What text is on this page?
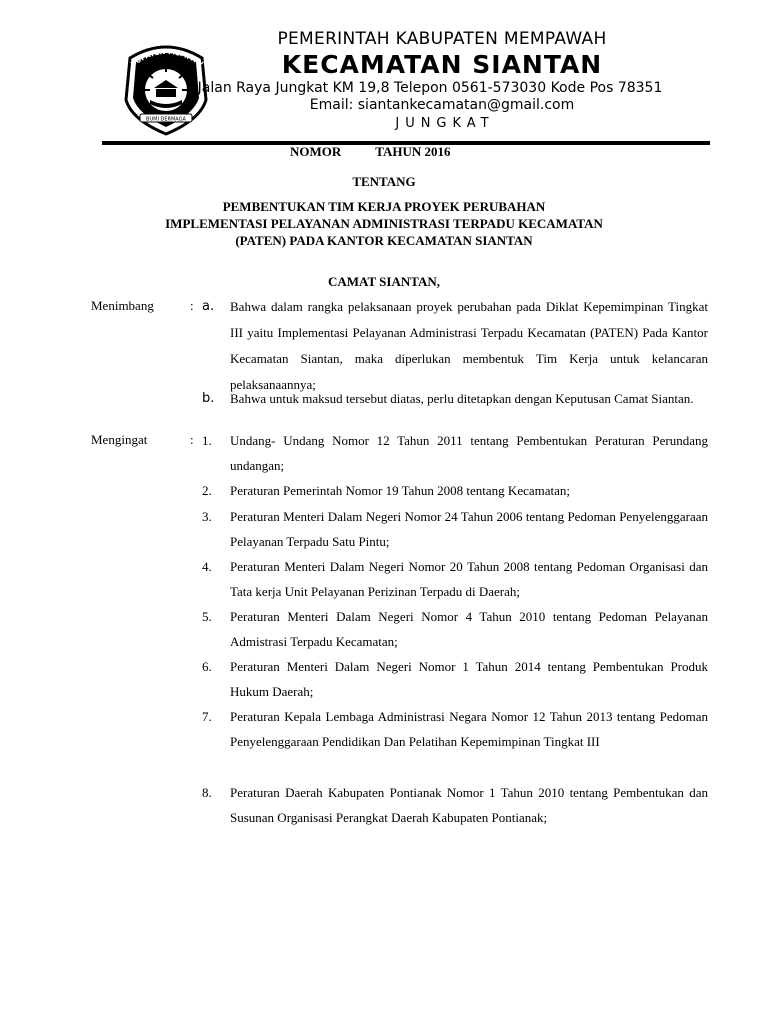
BUPATEN MEMPAW
BUMI DERMAGA
PEMERINTAH KABUPATEN MEMPAWAH
KECAMATAN SIANTAN
Jalan Raya Jungkat KM 19,8 Telepon 0561-573030 Kode Pos 78351
Email: siantankecamatan@gmail.com
JUNGKAT
NOMOR	TAHUN 2016
TENTANG
PEMBENTUKAN TIM KERJA PROYEK PERUBAHAN
IMPLEMENTASI PELAYANAN ADMINISTRASI TERPADU KECAMATAN
(PATEN) PADA KANTOR KECAMATAN SIANTAN
CAMAT SIANTAN,
Menimbang	: a.	Bahwa dalam rangka pelaksanaan proyek perubahan pada Diklat Kepemimpinan Tingkat III yaitu Implementasi Pelayanan Administrasi Terpadu Kecamatan (PATEN) Pada Kantor Kecamatan Siantan, maka diperlukan membentuk Tim Kerja untuk kelancaran pelaksanaannya;
b.	Bahwa untuk maksud tersebut diatas, perlu ditetapkan dengan Keputusan Camat Siantan.
Mengingat	: 1.	Undang- Undang Nomor 12 Tahun 2011 tentang Pembentukan Peraturan Perundang undangan;
2.	Peraturan Pemerintah Nomor 19 Tahun 2008 tentang Kecamatan;
3.	Peraturan Menteri Dalam Negeri Nomor 24 Tahun 2006 tentang Pedoman Penyelenggaraan Pelayanan Terpadu Satu Pintu;
4.	Peraturan Menteri Dalam Negeri Nomor 20 Tahun 2008 tentang Pedoman Organisasi dan Tata kerja Unit Pelayanan Perizinan Terpadu di Daerah;
5.	Peraturan Menteri Dalam Negeri Nomor 4 Tahun 2010 tentang Pedoman Pelayanan Admistrasi Terpadu Kecamatan;
6.	Peraturan Menteri Dalam Negeri Nomor 1 Tahun 2014 tentang Pembentukan Produk Hukum Daerah;
7.	Peraturan Kepala Lembaga Administrasi Negara Nomor 12 Tahun 2013 tentang Pedoman Penyelenggaraan Pendidikan Dan Pelatihan Kepemimpinan Tingkat III
8.	Peraturan Daerah Kabupaten Pontianak Nomor 1 Tahun 2010 tentang Pembentukan dan Susunan Organisasi Perangkat Daerah Kabupaten Pontianak;
